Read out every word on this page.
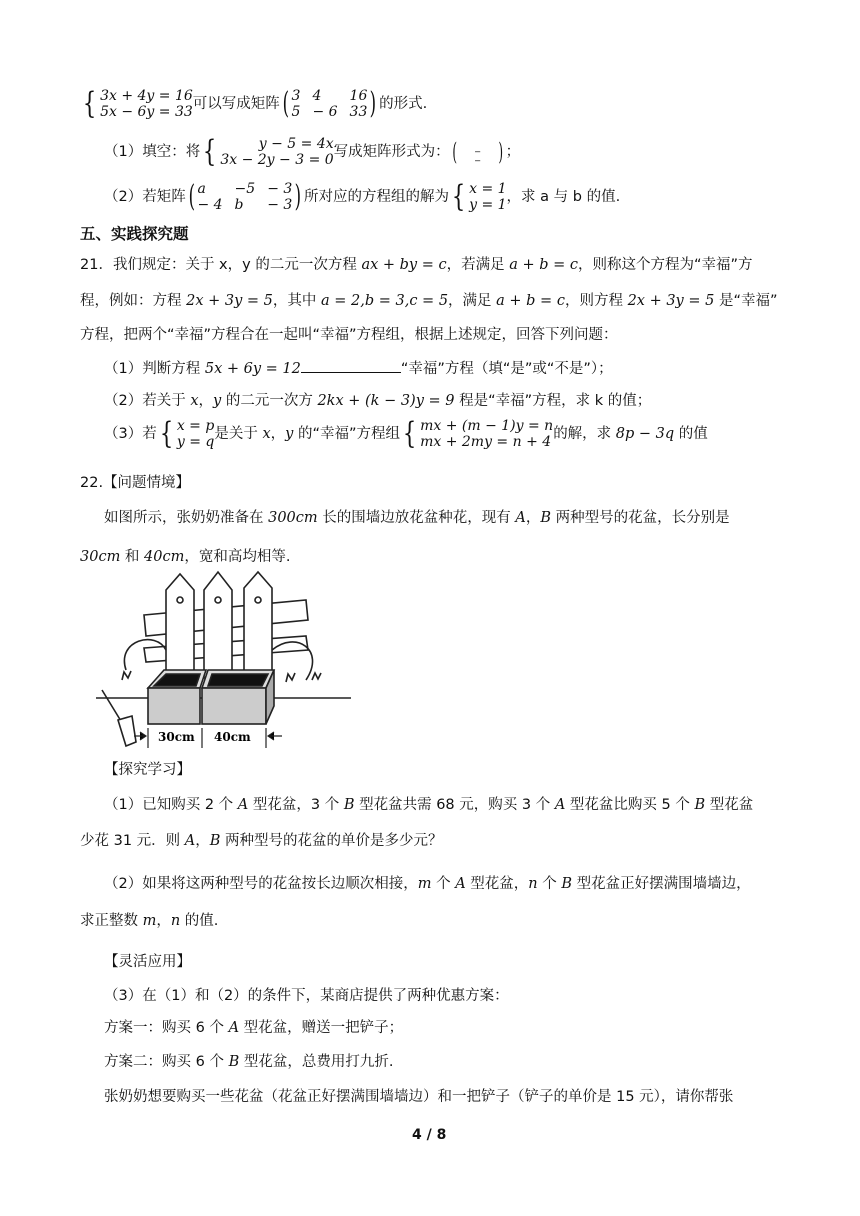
{ 3x + 4y = 16
5x − 6y = 33 可以写成矩阵 ( 3 4	16
5 − 6 33 ) 的形式.
（1）填空：将 {	y − 5 = 4x
3x − 2y − 3 = 0 写成矩阵形式为： ( _
_ ) ；
（2）若矩阵 ( a	−5 − 3
− 4 b	− 3 ) 所对应的方程组的解为 { x = 1
y = 1 ，求 a 与 b 的值.
五、实践探究题
21．我们规定：关于 x，y 的二元一次方程 ax + by = c，若满足 a + b = c，则称这个方程为“幸福”方
程，例如：方程 2x + 3y = 5，其中 a = 2,b = 3,c = 5，满足 a + b = c，则方程 2x + 3y = 5 是“幸福”
方程，把两个“幸福”方程合在一起叫“幸福”方程组，根据上述规定，回答下列问题：
（1）判断方程 5x + 6y = 12	“幸福”方程（填“是”或“不是”）；
（2）若关于 x，y 的二元一次方 2kx + (k − 3)y = 9 程是“幸福”方程，求 k 的值；
（3）若 { x = p
y = q 是关于 x，y 的“幸福”方程组 { mx + (m − 1)y = n
mx + 2my = n + 4 的解，求 8p − 3q 的值
22.【问题情境】
如图所示，张奶奶准备在 300cm 长的围墙边放花盆种花，现有 A，B 两种型号的花盆，长分别是
30cm 和 40cm，宽和高均相等.
30cm 40cm
【探究学习】
（1）已知购买 2 个 A 型花盆，3 个 B 型花盆共需 68 元，购买 3 个 A 型花盆比购买 5 个 B 型花盆
少花 31 元．则 A，B 两种型号的花盆的单价是多少元？
（2）如果将这两种型号的花盆按长边顺次相接，m 个 A 型花盆，n 个 B 型花盆正好摆满围墙墙边，
求正整数 m，n 的值.
【灵活应用】
（3）在（1）和（2）的条件下，某商店提供了两种优惠方案：
方案一：购买 6 个 A 型花盆，赠送一把铲子；
方案二：购买 6 个 B 型花盆，总费用打九折.
张奶奶想要购买一些花盆（花盆正好摆满围墙墙边）和一把铲子（铲子的单价是 15 元），请你帮张
4 / 8
